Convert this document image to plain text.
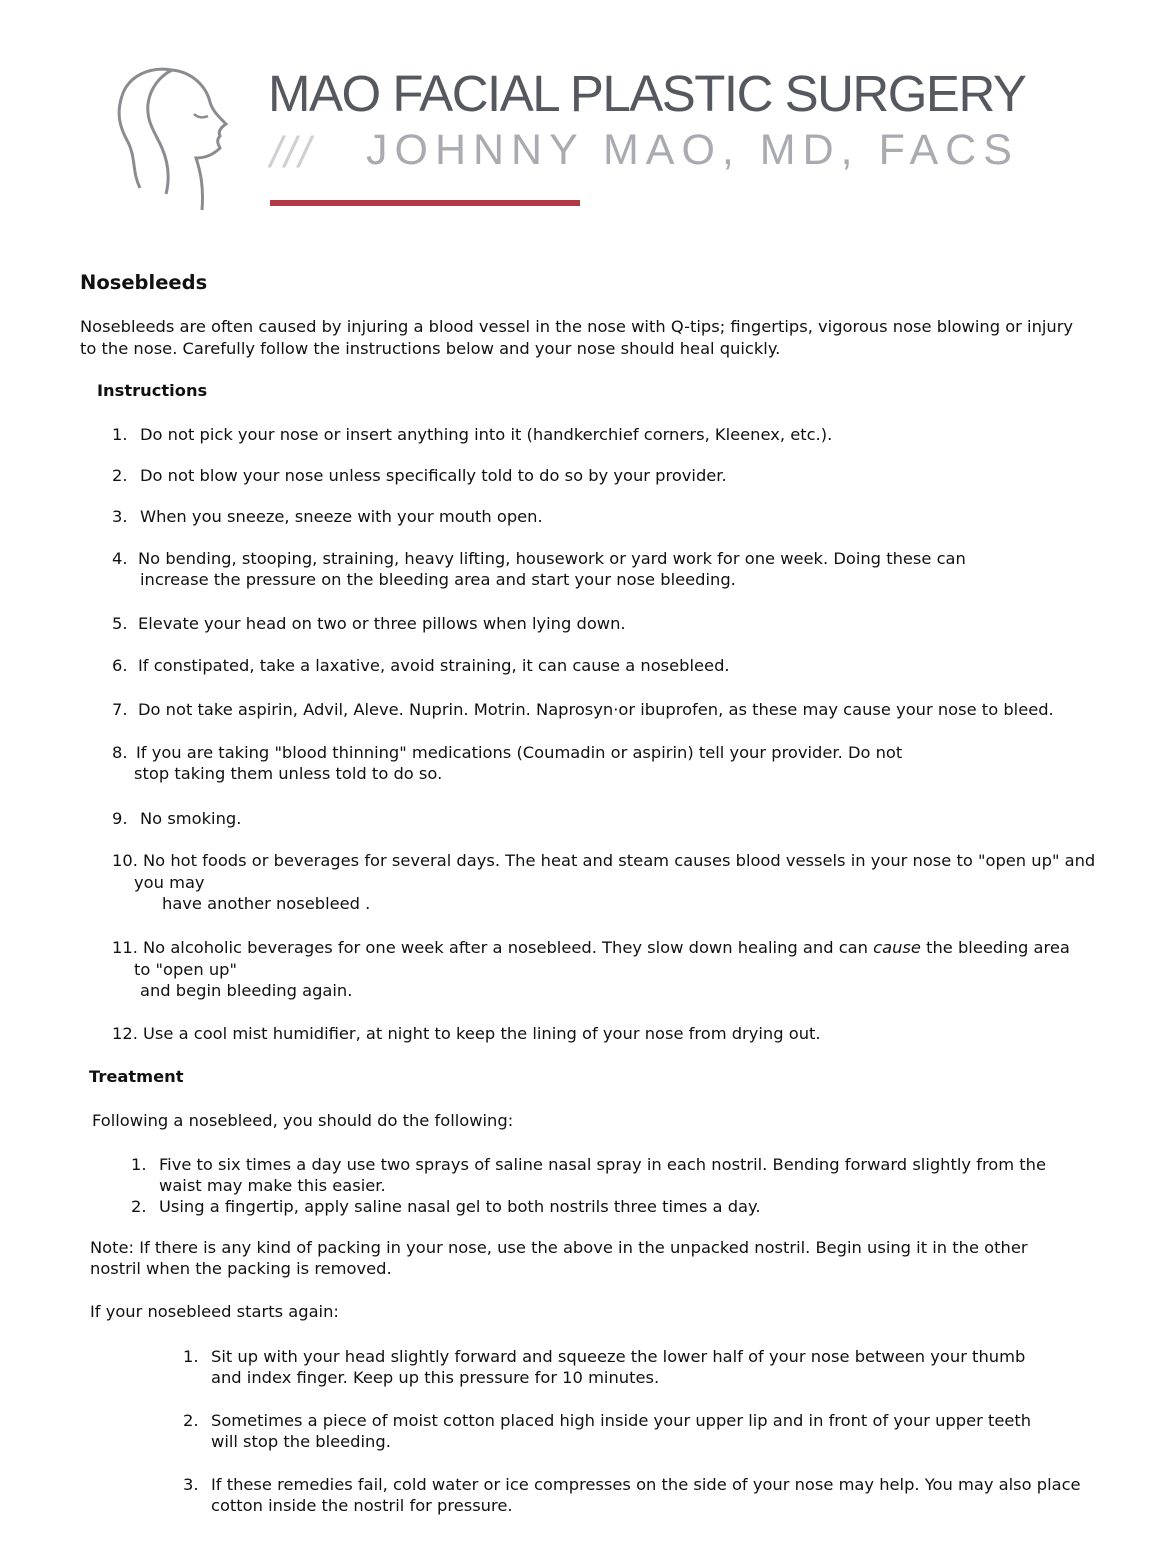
MAO FACIAL PLASTIC SURGERY
/// JOHNNY MAO, MD, FACS

Nosebleeds

Nosebleeds are often caused by injuring a blood vessel in the nose with Q-tips; fingertips, vigorous nose blowing or injury

to the nose. Carefully follow the instructions below and your nose should heal quickly.

Instructions

1. Do not pick your nose or insert anything into it (handkerchief corners, Kleenex, etc.).

2. Do not blow your nose unless specifically told to do so by your provider.

3. When you sneeze, sneeze with your mouth open.

4. No bending, stooping, straining, heavy lifting, housework or yard work for one week. Doing these can

increase the pressure on the bleeding area and start your nose bleeding.

5. Elevate your head on two or three pillows when lying down.

6. If constipated, take a laxative, avoid straining, it can cause a nosebleed.

7. Do not take aspirin, Advil, Aleve. Nuprin. Motrin. Naprosyn·or ibuprofen, as these may cause your nose to bleed.

8. If you are taking "blood thinning" medications (Coumadin or aspirin) tell your provider. Do not

stop taking them unless told to do so.

9. No smoking.

10. No hot foods or beverages for several days. The heat and steam causes blood vessels in your nose to "open up" and

you may

have another nosebleed .

11. No alcoholic beverages for one week after a nosebleed. They slow down healing and can cause the bleeding area

to "open up"

and begin bleeding again.

12. Use a cool mist humidifier, at night to keep the lining of your nose from drying out.

Treatment

Following a nosebleed, you should do the following:

1. Five to six times a day use two sprays of saline nasal spray in each nostril. Bending forward slightly from the

waist may make this easier.

2. Using a fingertip, apply saline nasal gel to both nostrils three times a day.

Note: If there is any kind of packing in your nose, use the above in the unpacked nostril. Begin using it in the other

nostril when the packing is removed.

If your nosebleed starts again:

1. Sit up with your head slightly forward and squeeze the lower half of your nose between your thumb

and index finger. Keep up this pressure for 10 minutes.

2. Sometimes a piece of moist cotton placed high inside your upper lip and in front of your upper teeth

will stop the bleeding.

3. If these remedies fail, cold water or ice compresses on the side of your nose may help. You may also place

cotton inside the nostril for pressure.
